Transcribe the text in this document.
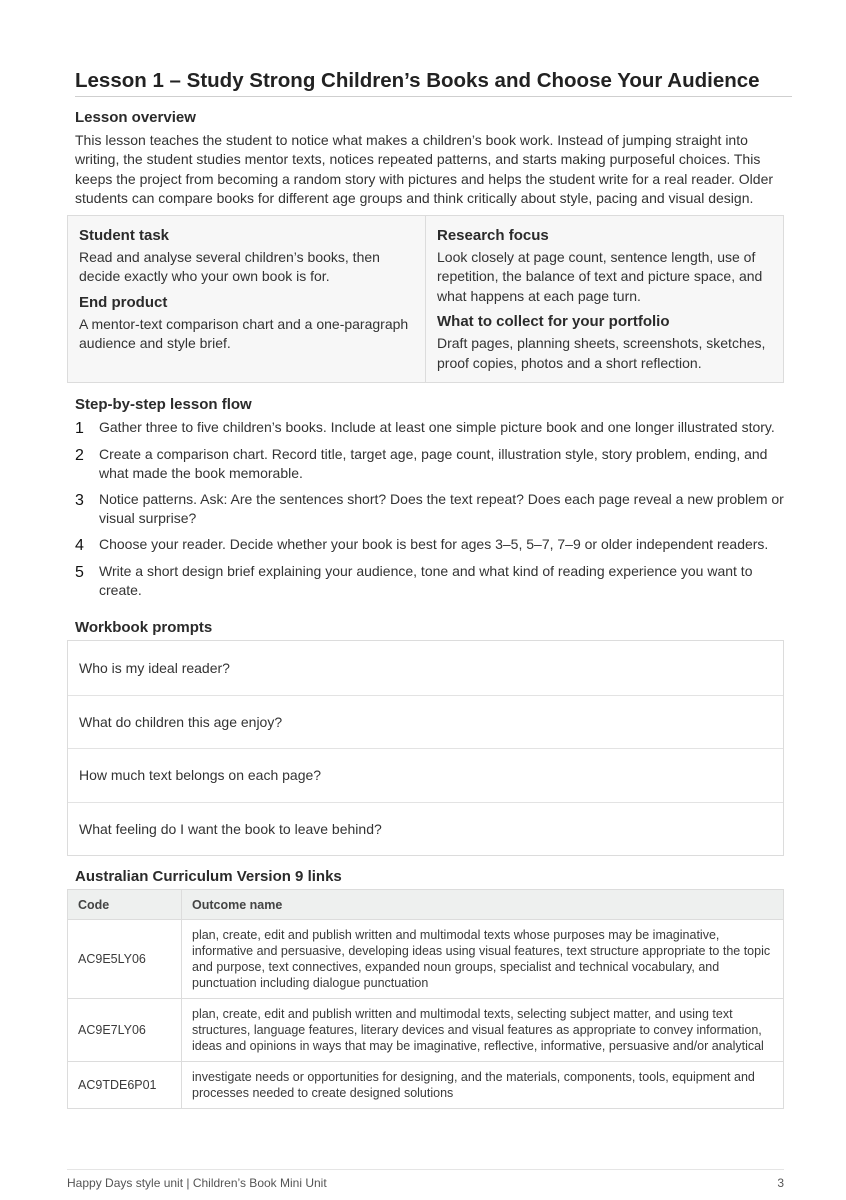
Lesson 1 – Study Strong Children’s Books and Choose Your Audience
Lesson overview

This lesson teaches the student to notice what makes a children’s book work. Instead of jumping straight into writing, the student studies mentor texts, notices repeated patterns, and starts making purposeful choices. This keeps the project from becoming a random story with pictures and helps the student write for a real reader. Older students can compare books for different age groups and think critically about style, pacing and visual design.

Student task

Read and analyse several children’s books, then decide exactly who your own book is for.

End product

A mentor-text comparison chart and a one-paragraph audience and style brief.

Research focus

Look closely at page count, sentence length, use of repetition, the balance of text and picture space, and what happens at each page turn.

What to collect for your portfolio

Draft pages, planning sheets, screenshots, sketches, proof copies, photos and a short reflection.

Step-by-step lesson flow
1	Gather three to five children’s books. Include at least one simple picture book and one longer illustrated story.
2	Create a comparison chart. Record title, target age, page count, illustration style, story problem, ending, and what made the book memorable.
3	Notice patterns. Ask: Are the sentences short? Does the text repeat? Does each page reveal a new problem or visual surprise?
4	Choose your reader. Decide whether your book is best for ages 3–5, 5–7, 7–9 or older independent readers.
5	Write a short design brief explaining your audience, tone and what kind of reading experience you want to create.
Workbook prompts
Who is my ideal reader?
What do children this age enjoy?
How much text belongs on each page?
What feeling do I want the book to leave behind?
Australian Curriculum Version 9 links
Code	Outcome name
AC9E5LY06	plan, create, edit and publish written and multimodal texts whose purposes may be imaginative, informative and persuasive, developing ideas using visual features, text structure appropriate to the topic and purpose, text connectives, expanded noun groups, specialist and technical vocabulary, and punctuation including dialogue punctuation
AC9E7LY06	plan, create, edit and publish written and multimodal texts, selecting subject matter, and using text structures, language features, literary devices and visual features as appropriate to convey information, ideas and opinions in ways that may be imaginative, reflective, informative, persuasive and/or analytical
AC9TDE6P01	investigate needs or opportunities for designing, and the materials, components, tools, equipment and processes needed to create designed solutions
Happy Days style unit | Children’s Book Mini Unit	3
